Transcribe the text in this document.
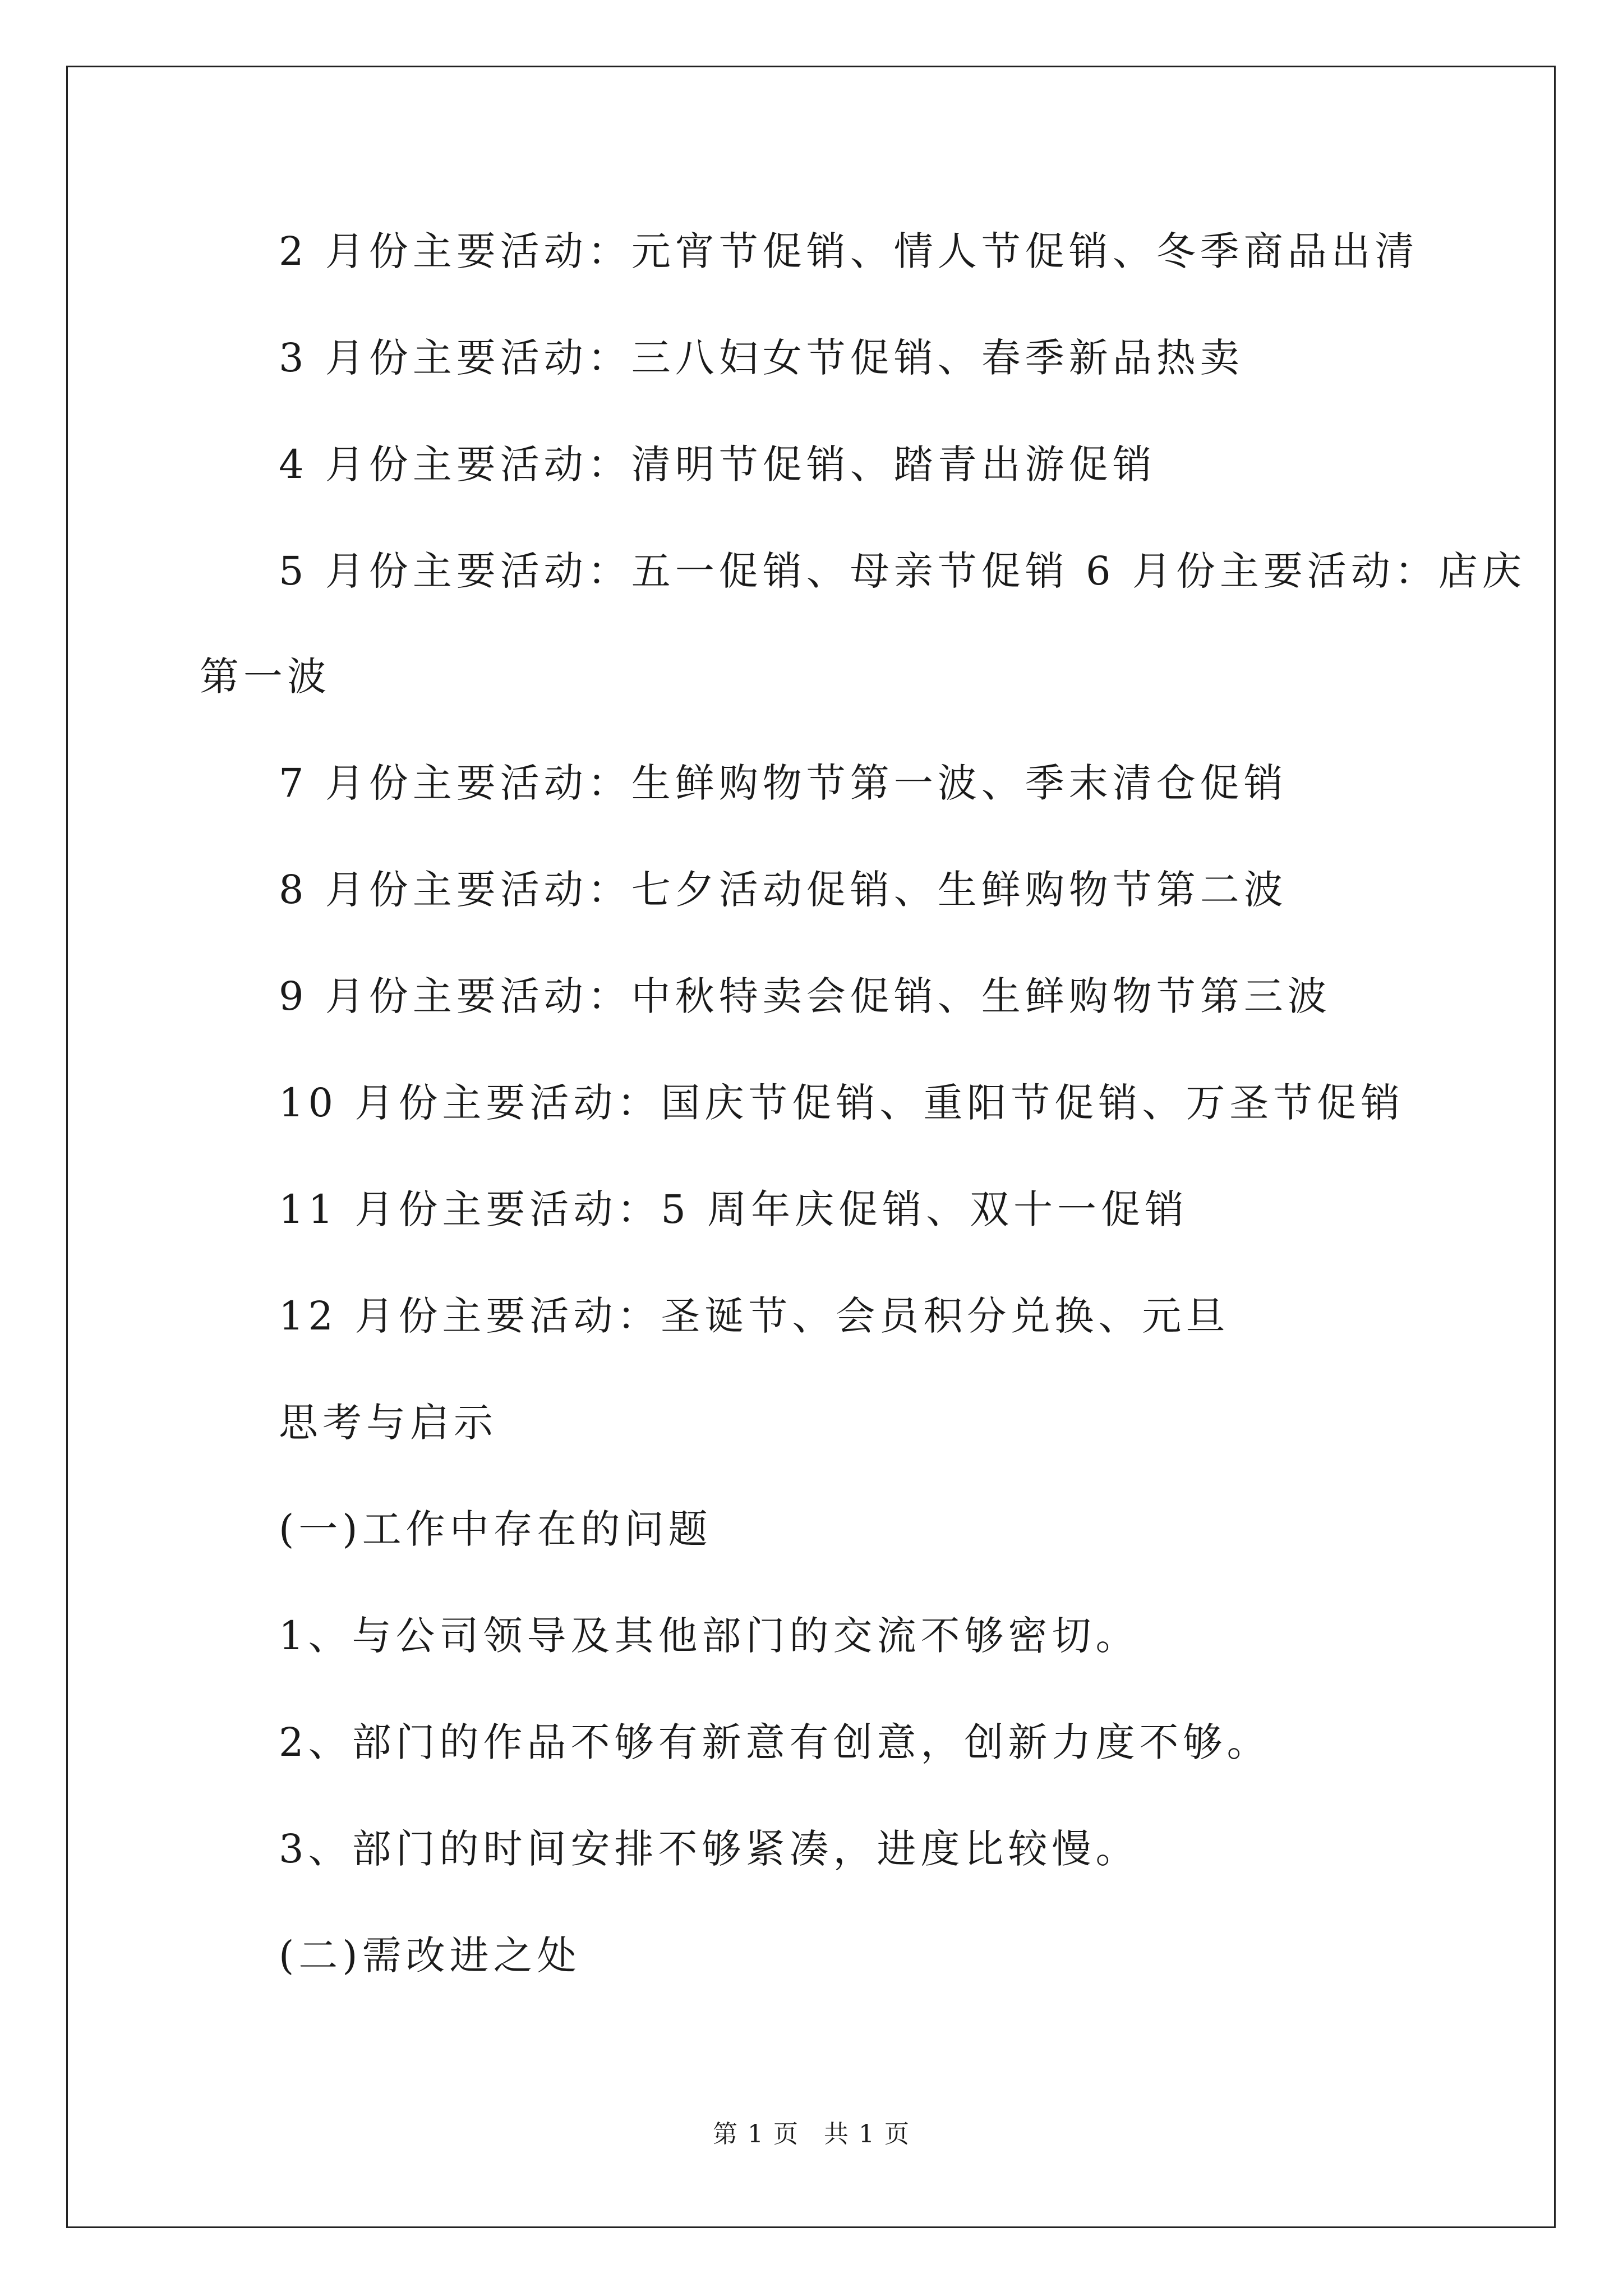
2 月份主要活动：元宵节促销、情人节促销、冬季商品出清
3 月份主要活动：三八妇女节促销、春季新品热卖
4 月份主要活动：清明节促销、踏青出游促销
5 月份主要活动：五一促销、母亲节促销 6 月份主要活动：店庆
第一波
7 月份主要活动：生鲜购物节第一波、季末清仓促销
8 月份主要活动：七夕活动促销、生鲜购物节第二波
9 月份主要活动：中秋特卖会促销、生鲜购物节第三波
10 月份主要活动：国庆节促销、重阳节促销、万圣节促销
11 月份主要活动：5 周年庆促销、双十一促销
12 月份主要活动：圣诞节、会员积分兑换、元旦
思考与启示
(一)工作中存在的问题
1、与公司领导及其他部门的交流不够密切。
2、部门的作品不够有新意有创意，创新力度不够。
3、部门的时间安排不够紧凑，进度比较慢。
(二)需改进之处
第 1 页 共 1 页
